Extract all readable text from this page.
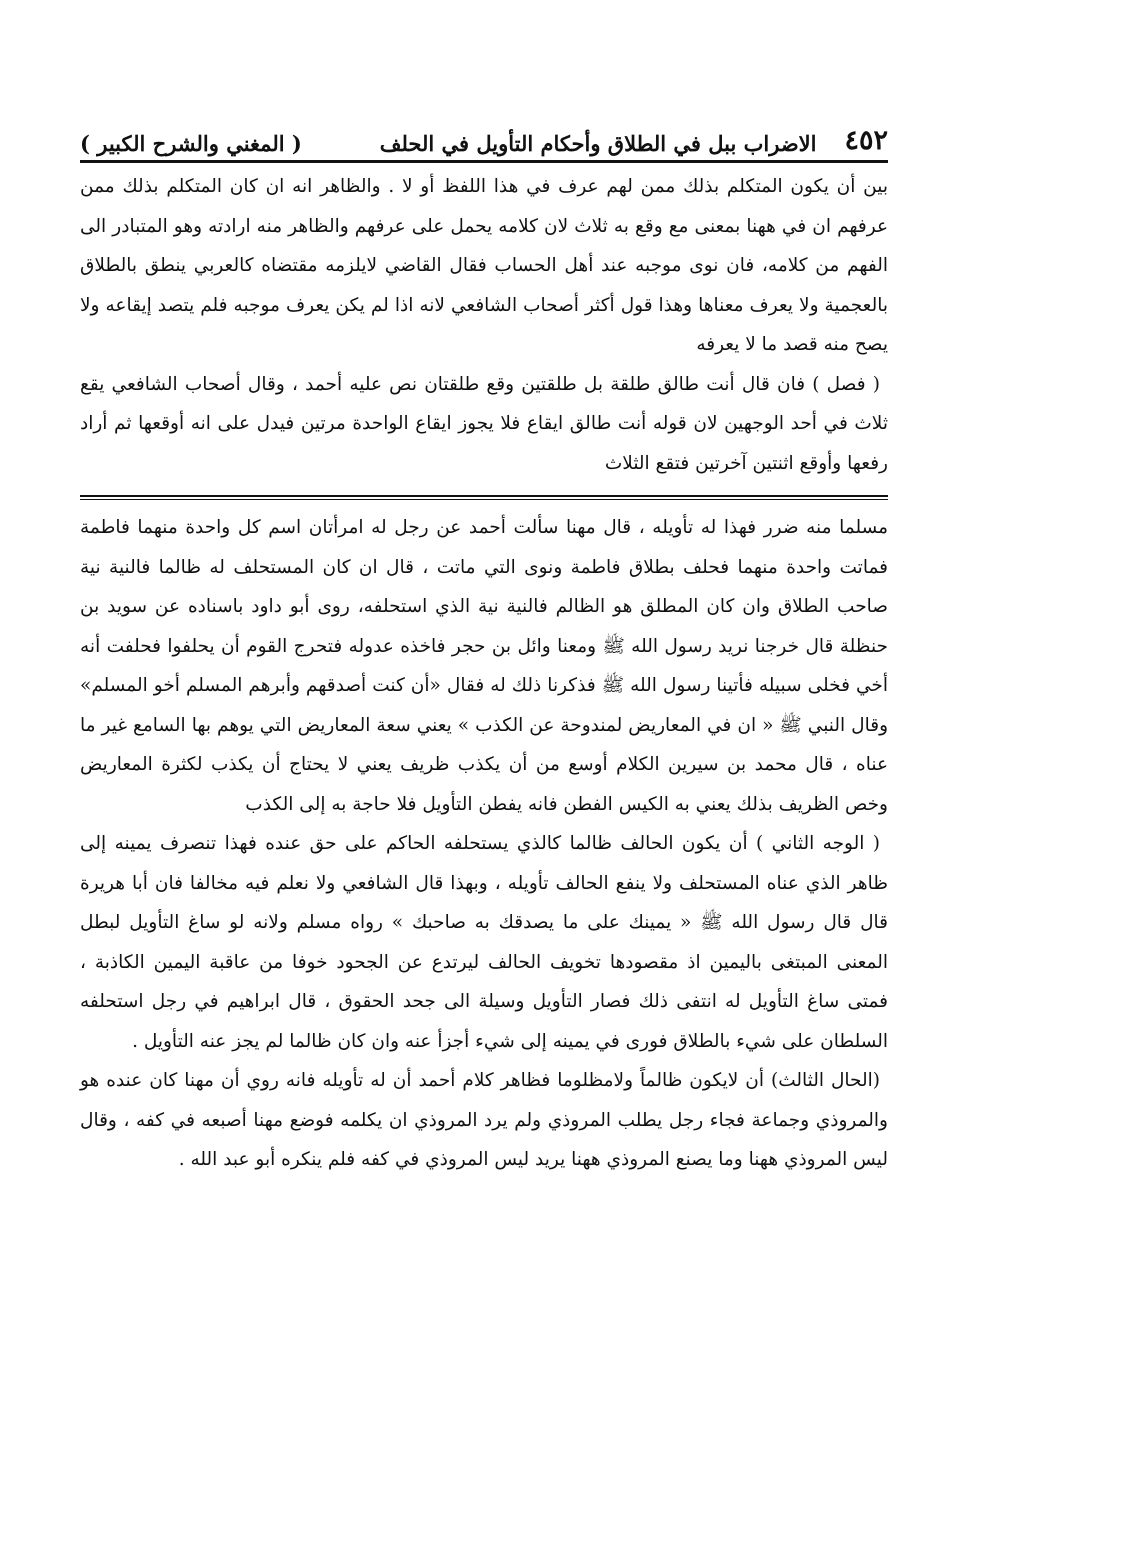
٤٥٢
الاضراب ببل في الطلاق وأحكام التأويل في الحلف
( المغني والشرح الكبير )

بين أن يكون المتكلم بذلك ممن لهم عرف في هذا اللفظ أو لا . والظاهر انه ان كان المتكلم بذلك ممن عرفهم ان في ههنا بمعنى مع وقع به ثلاث لان كلامه يحمل على عرفهم والظاهر منه ارادته وهو المتبادر الى الفهم من كلامه، فان نوى موجبه عند أهل الحساب فقال القاضي لايلزمه مقتضاه كالعربي ينطق بالطلاق بالعجمية ولا يعرف معناها وهذا قول أكثر أصحاب الشافعي لانه اذا لم يكن يعرف موجبه فلم يتصد إيقاعه ولا يصح منه قصد ما لا يعرفه

( فصل ) فان قال أنت طالق طلقة بل طلقتين وقع طلقتان نص عليه أحمد ، وقال أصحاب الشافعي يقع ثلاث في أحد الوجهين لان قوله أنت طالق ايقاع فلا يجوز ايقاع الواحدة مرتين فيدل على انه أوقعها ثم أراد رفعها وأوقع اثنتين آخرتين فتقع الثلاث

مسلما منه ضرر فهذا له تأويله ، قال مهنا سألت أحمد عن رجل له امرأتان اسم كل واحدة منهما فاطمة فماتت واحدة منهما فحلف بطلاق فاطمة ونوى التي ماتت ، قال ان كان المستحلف له ظالما فالنية نية صاحب الطلاق وان كان المطلق هو الظالم فالنية نية الذي استحلفه، روى أبو داود باسناده عن سويد بن حنظلة قال خرجنا نريد رسول الله ﷺ ومعنا وائل بن حجر فاخذه عدوله فتحرج القوم أن يحلفوا فحلفت أنه أخي فخلى سبيله فأتينا رسول الله ﷺ فذكرنا ذلك له فقال «أن كنت أصدقهم وأبرهم المسلم أخو المسلم» وقال النبي ﷺ « ان في المعاريض لمندوحة عن الكذب » يعني سعة المعاريض التي يوهم بها السامع غير ما عناه ، قال محمد بن سيرين الكلام أوسع من أن يكذب ظريف يعني لا يحتاج أن يكذب لكثرة المعاريض وخص الظريف بذلك يعني به الكيس الفطن فانه يفطن التأويل فلا حاجة به إلى الكذب

( الوجه الثاني ) أن يكون الحالف ظالما كالذي يستحلفه الحاكم على حق عنده فهذا تنصرف يمينه إلى ظاهر الذي عناه المستحلف ولا ينفع الحالف تأويله ، وبهذا قال الشافعي ولا نعلم فيه مخالفا فان أبا هريرة قال قال رسول الله ﷺ « يمينك على ما يصدقك به صاحبك » رواه مسلم ولانه لو ساغ التأويل لبطل المعنى المبتغى باليمين اذ مقصودها تخويف الحالف ليرتدع عن الجحود خوفا من عاقبة اليمين الكاذبة ، فمتى ساغ التأويل له انتفى ذلك فصار التأويل وسيلة الى جحد الحقوق ، قال ابراهيم في رجل استحلفه السلطان على شيء بالطلاق فورى في يمينه إلى شيء أجزأ عنه وان كان ظالما لم يجز عنه التأويل .

(الحال الثالث) أن لايكون ظالماً ولامظلوما فظاهر كلام أحمد أن له تأويله فانه روي أن مهنا كان عنده هو والمروذي وجماعة فجاء رجل يطلب المروذي ولم يرد المروذي ان يكلمه فوضع مهنا أصبعه في كفه ، وقال ليس المروذي ههنا وما يصنع المروذي ههنا يريد ليس المروذي في كفه فلم ينكره أبو عبد الله .
